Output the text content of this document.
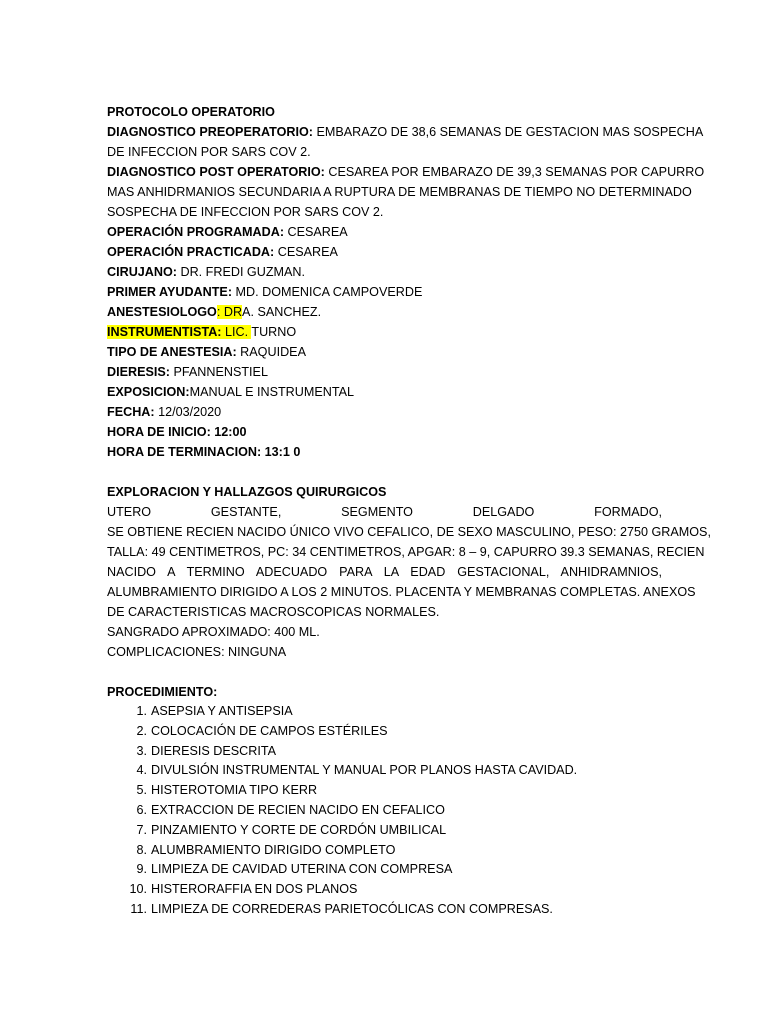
PROTOCOLO OPERATORIO
DIAGNOSTICO PREOPERATORIO: EMBARAZO DE 38,6 SEMANAS DE GESTACION MAS SOSPECHA
DE INFECCION POR SARS COV 2.
DIAGNOSTICO POST OPERATORIO: CESAREA POR EMBARAZO DE 39,3 SEMANAS POR CAPURRO
MAS ANHIDRMANIOS SECUNDARIA A RUPTURA DE MEMBRANAS DE TIEMPO NO DETERMINADO
SOSPECHA DE INFECCION POR SARS COV 2.
OPERACIÓN PROGRAMADA: CESAREA
OPERACIÓN PRACTICADA: CESAREA
CIRUJANO: DR. FREDI GUZMAN.
PRIMER AYUDANTE: MD. DOMENICA CAMPOVERDE
ANESTESIOLOGO: DRA. SANCHEZ.
INSTRUMENTISTA: LIC. TURNO
TIPO DE ANESTESIA: RAQUIDEA
DIERESIS: PFANNENSTIEL
EXPOSICION:MANUAL E INSTRUMENTAL
FECHA: 12/03/2020
HORA DE INICIO: 12:00
HORA DE TERMINACION: 13:1 0
EXPLORACION Y HALLAZGOS QUIRURGICOS
UTERO GESTANTE, SEGMENTO DELGADO FORMADO,
SE OBTIENE RECIEN NACIDO ÚNICO VIVO CEFALICO, DE SEXO MASCULINO, PESO: 2750 GRAMOS,
TALLA: 49 CENTIMETROS, PC: 34 CENTIMETROS, APGAR: 8 – 9, CAPURRO 39.3 SEMANAS, RECIEN
NACIDO A TERMINO ADECUADO PARA LA EDAD GESTACIONAL, ANHIDRAMNIOS,
ALUMBRAMIENTO DIRIGIDO A LOS 2 MINUTOS. PLACENTA Y MEMBRANAS COMPLETAS. ANEXOS
DE CARACTERISTICAS MACROSCOPICAS NORMALES.
SANGRADO APROXIMADO: 400 ML.
COMPLICACIONES: NINGUNA
PROCEDIMIENTO:
1. ASEPSIA Y ANTISEPSIA
2. COLOCACIÓN DE CAMPOS ESTÉRILES
3. DIERESIS DESCRITA
4. DIVULSIÓN INSTRUMENTAL Y MANUAL POR PLANOS HASTA CAVIDAD.
5. HISTEROTOMIA TIPO KERR
6. EXTRACCION DE RECIEN NACIDO EN CEFALICO
7. PINZAMIENTO Y CORTE DE CORDÓN UMBILICAL
8. ALUMBRAMIENTO DIRIGIDO COMPLETO
9. LIMPIEZA DE CAVIDAD UTERINA CON COMPRESA
10. HISTERORAFFIA EN DOS PLANOS
11. LIMPIEZA DE CORREDERAS PARIETOCÓLICAS CON COMPRESAS.
